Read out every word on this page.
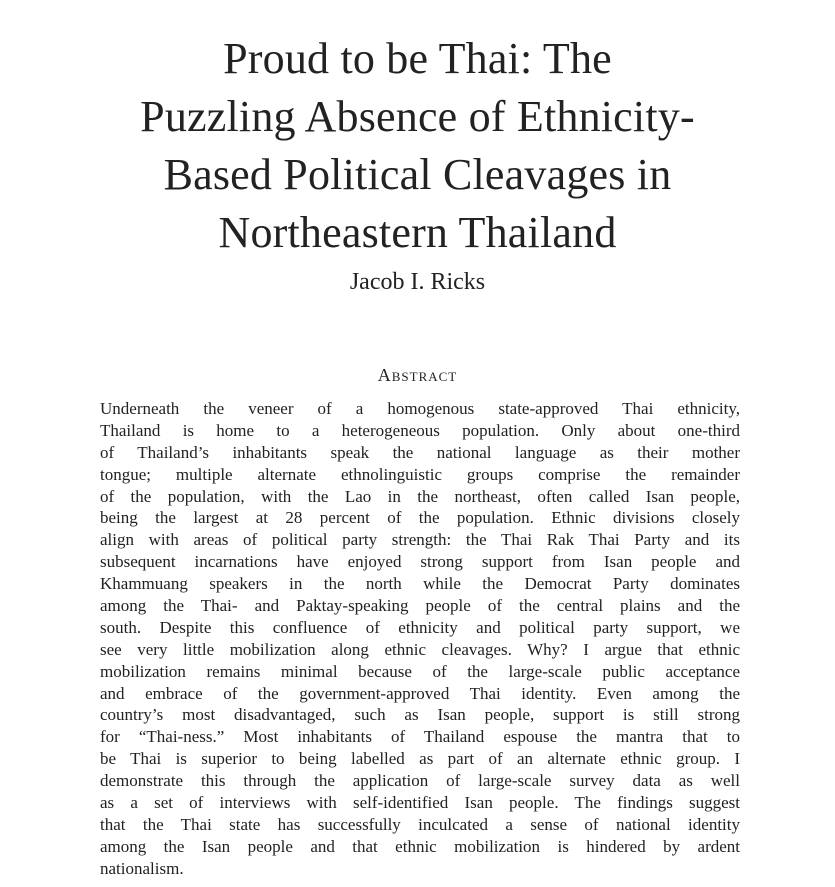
Proud to be Thai: The
Puzzling Absence of Ethnicity-
Based Political Cleavages in
Northeastern Thailand
Jacob I. Ricks
Abstract
Underneath the veneer of a homogenous state-approved Thai ethnicity,
Thailand is home to a heterogeneous population. Only about one-third
of Thailand’s inhabitants speak the national language as their mother
tongue; multiple alternate ethnolinguistic groups comprise the remainder
of the population, with the Lao in the northeast, often called Isan people,
being the largest at 28 percent of the population. Ethnic divisions closely
align with areas of political party strength: the Thai Rak Thai Party and its
subsequent incarnations have enjoyed strong support from Isan people and
Khammuang speakers in the north while the Democrat Party dominates
among the Thai- and Paktay-speaking people of the central plains and the
south. Despite this confluence of ethnicity and political party support, we
see very little mobilization along ethnic cleavages. Why? I argue that ethnic
mobilization remains minimal because of the large-scale public acceptance
and embrace of the government-approved Thai identity. Even among the
country’s most disadvantaged, such as Isan people, support is still strong
for “Thai-ness.” Most inhabitants of Thailand espouse the mantra that to
be Thai is superior to being labelled as part of an alternate ethnic group. I
demonstrate this through the application of large-scale survey data as well
as a set of interviews with self-identified Isan people. The findings suggest
that the Thai state has successfully inculcated a sense of national identity
among the Isan people and that ethnic mobilization is hindered by ardent
nationalism.
